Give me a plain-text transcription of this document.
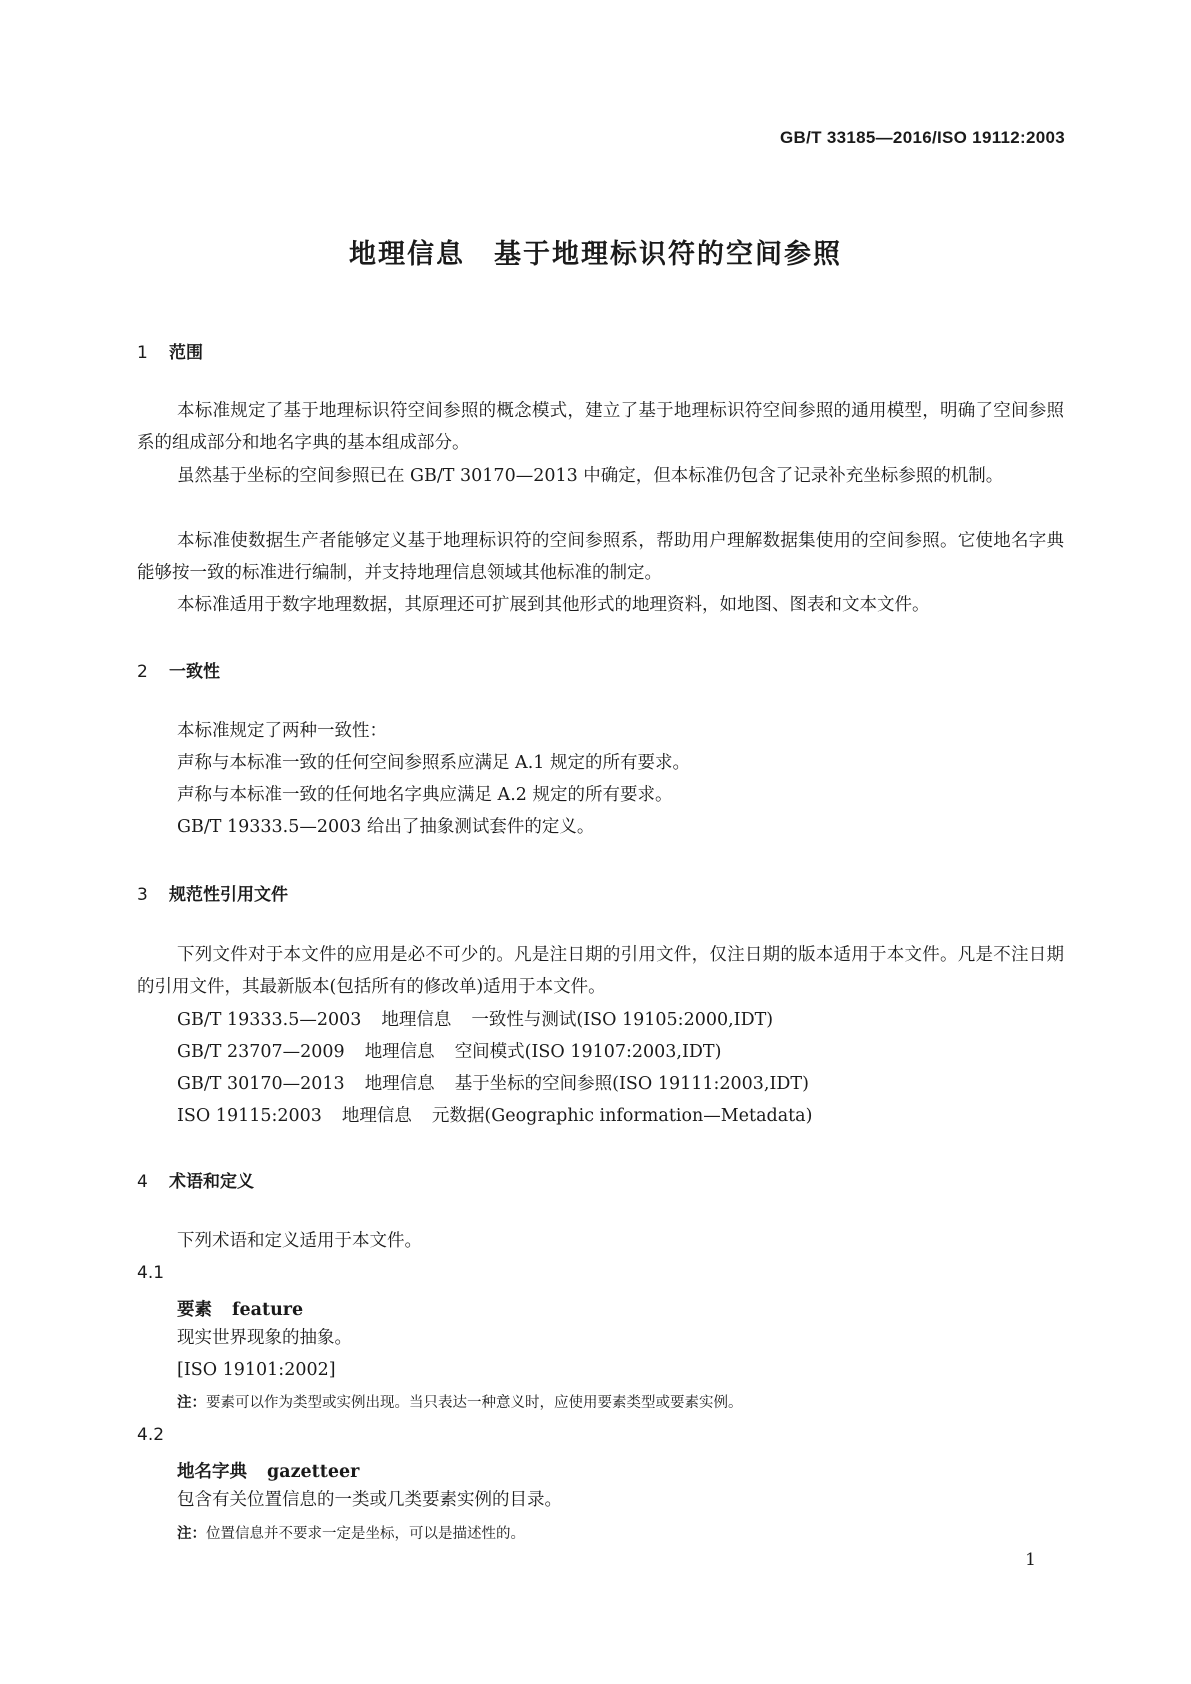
GB/T 33185—2016/ISO 19112:2003
地理信息　基于地理标识符的空间参照
1 范围
本标准规定了基于地理标识符空间参照的概念模式，建立了基于地理标识符空间参照的通用模型，明确了空间参照系的组成部分和地名字典的基本组成部分。
虽然基于坐标的空间参照已在 GB/T 30170—2013 中确定，但本标准仍包含了记录补充坐标参照的机制。
本标准使数据生产者能够定义基于地理标识符的空间参照系，帮助用户理解数据集使用的空间参照。它使地名字典能够按一致的标准进行编制，并支持地理信息领域其他标准的制定。
本标准适用于数字地理数据，其原理还可扩展到其他形式的地理资料，如地图、图表和文本文件。
2 一致性
本标准规定了两种一致性：
声称与本标准一致的任何空间参照系应满足 A.1 规定的所有要求。
声称与本标准一致的任何地名字典应满足 A.2 规定的所有要求。
GB/T 19333.5—2003 给出了抽象测试套件的定义。
3 规范性引用文件
下列文件对于本文件的应用是必不可少的。凡是注日期的引用文件，仅注日期的版本适用于本文件。凡是不注日期的引用文件，其最新版本(包括所有的修改单)适用于本文件。
GB/T 19333.5—2003 地理信息 一致性与测试(ISO 19105:2000,IDT)
GB/T 23707—2009 地理信息 空间模式(ISO 19107:2003,IDT)
GB/T 30170—2013 地理信息 基于坐标的空间参照(ISO 19111:2003,IDT)
ISO 19115:2003 地理信息 元数据(Geographic information—Metadata)
4 术语和定义
下列术语和定义适用于本文件。
4.1
要素 feature
现实世界现象的抽象。
[ISO 19101:2002]
注：要素可以作为类型或实例出现。当只表达一种意义时，应使用要素类型或要素实例。
4.2
地名字典 gazetteer
包含有关位置信息的一类或几类要素实例的目录。
注：位置信息并不要求一定是坐标，可以是描述性的。
1
